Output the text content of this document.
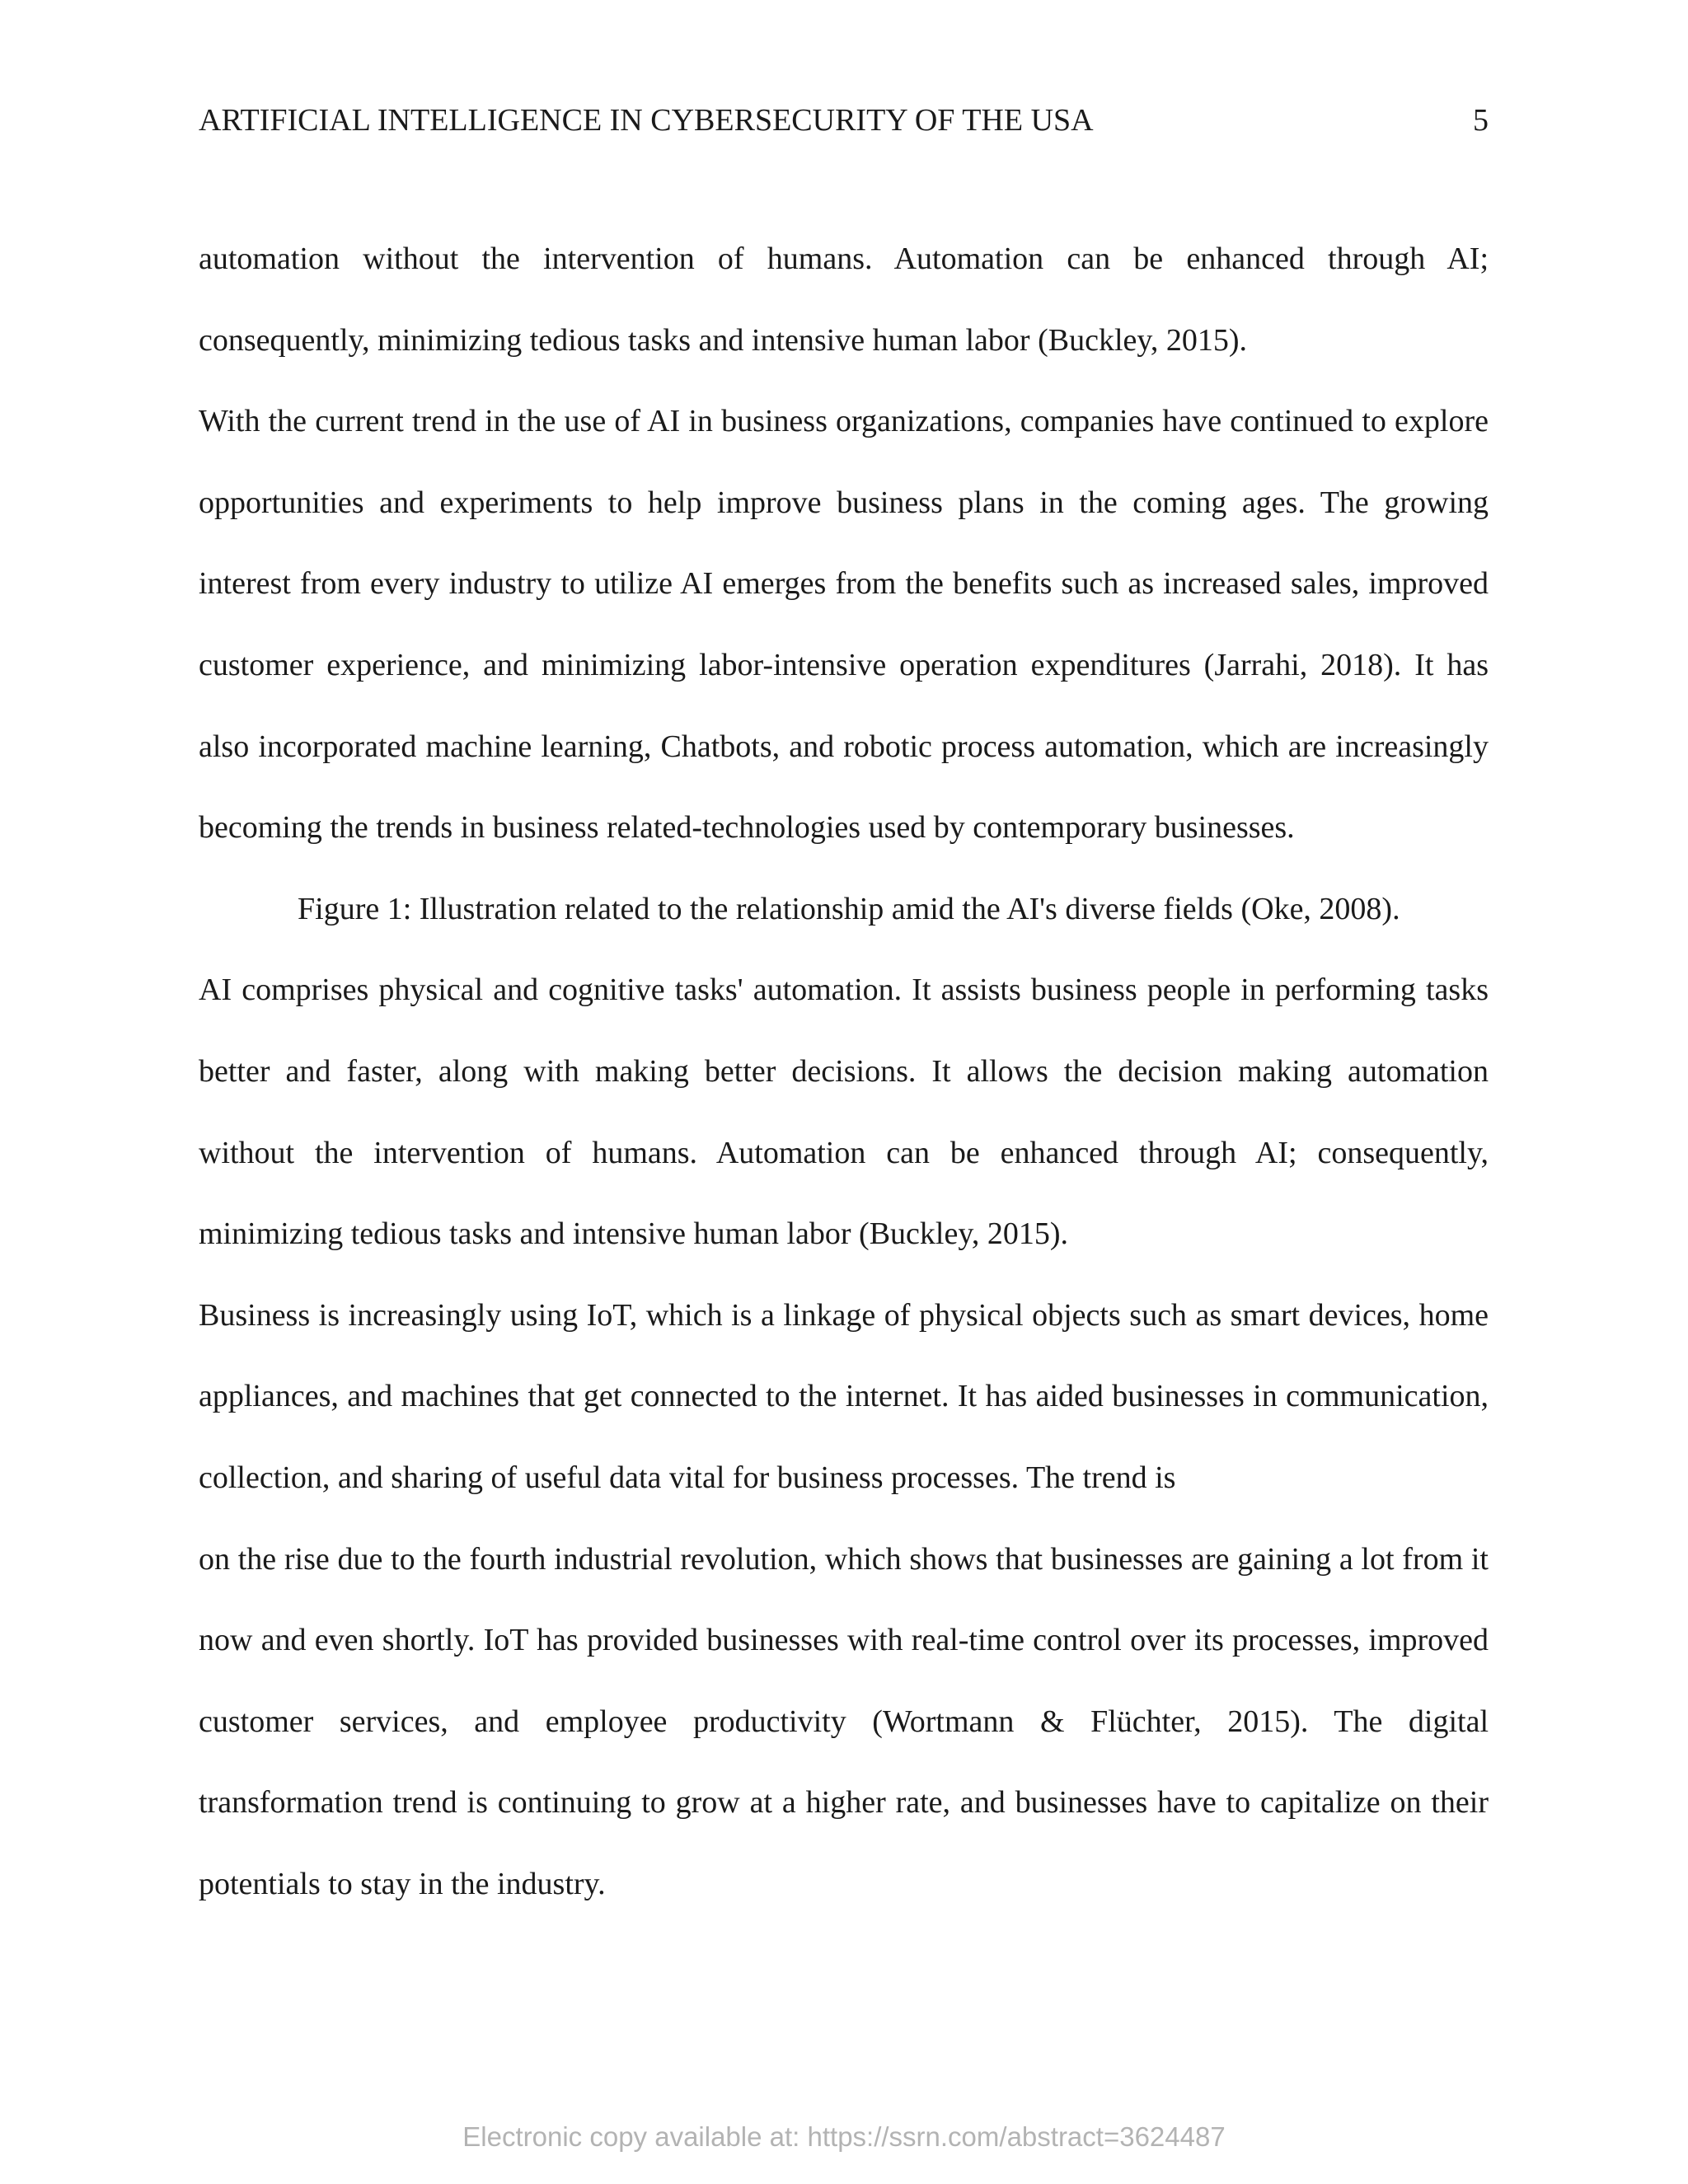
ARTIFICIAL INTELLIGENCE IN CYBERSECURITY OF THE USA	5

automation without the intervention of humans. Automation can be enhanced through AI; consequently, minimizing tedious tasks and intensive human labor (Buckley, 2015).

With the current trend in the use of AI in business organizations, companies have continued to explore opportunities and experiments to help improve business plans in the coming ages. The growing interest from every industry to utilize AI emerges from the benefits such as increased sales, improved customer experience, and minimizing labor-intensive operation expenditures (Jarrahi, 2018). It has also incorporated machine learning, Chatbots, and robotic process automation, which are increasingly becoming the trends in business related-technologies used by contemporary businesses.

Figure 1: Illustration related to the relationship amid the AI's diverse fields (Oke, 2008).

AI comprises physical and cognitive tasks' automation. It assists business people in performing tasks better and faster, along with making better decisions. It allows the decision making automation without the intervention of humans. Automation can be enhanced through AI; consequently, minimizing tedious tasks and intensive human labor (Buckley, 2015).

Business is increasingly using IoT, which is a linkage of physical objects such as smart devices, home appliances, and machines that get connected to the internet. It has aided businesses in communication, collection, and sharing of useful data vital for business processes. The trend is

on the rise due to the fourth industrial revolution, which shows that businesses are gaining a lot from it now and even shortly. IoT has provided businesses with real-time control over its processes, improved customer services, and employee productivity (Wortmann & Flüchter, 2015). The digital transformation trend is continuing to grow at a higher rate, and businesses have to capitalize on their potentials to stay in the industry.

Electronic copy available at: https://ssrn.com/abstract=3624487
